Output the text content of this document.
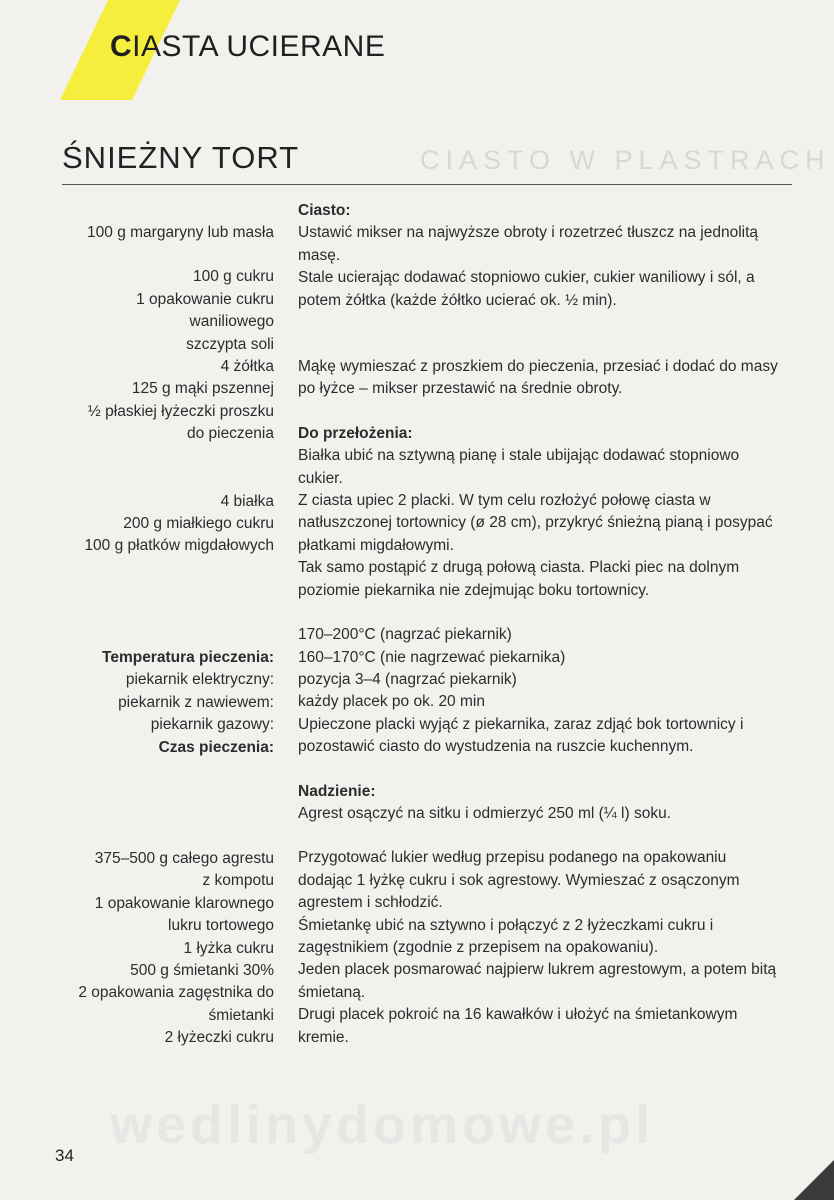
CIASTA UCIERANE
CIASTO W PLASTRACH
ŚNIEŻNY TORT
100 g margaryny lub masła
100 g cukru
1 opakowanie cukru
waniliowego
szczypta soli
4 żółtka
125 g mąki pszennej
½ płaskiej łyżeczki proszku
do pieczenia
4 białka
200 g miałkiego cukru
100 g płatków migdałowych
Temperatura pieczenia:
piekarnik elektryczny:
piekarnik z nawiewem:
piekarnik gazowy:
Czas pieczenia:
375–500 g całego agrestu
z kompotu
1 opakowanie klarownego
lukru tortowego
1 łyżka cukru
500 g śmietanki 30%
2 opakowania zagęstnika do
śmietanki
2 łyżeczki cukru
Ciasto:
Ustawić mikser na najwyższe obroty i rozetrzeć tłuszcz na jednolitą masę.
Stale ucierając dodawać stopniowo cukier, cukier waniliowy i sól, a potem żółtka (każde żółtko ucierać ok. ½ min).
Mąkę wymieszać z proszkiem do pieczenia, przesiać i dodać do masy po łyżce – mikser przestawić na średnie obroty.
Do przełożenia:
Białka ubić na sztywną pianę i stale ubijając dodawać stopniowo cukier.
Z ciasta upiec 2 placki. W tym celu rozłożyć połowę ciasta w natłuszczonej tortownicy (ø 28 cm), przykryć śnieżną pianą i posypać płatkami migdałowymi.
Tak samo postąpić z drugą połową ciasta. Placki piec na dolnym poziomie piekarnika nie zdejmując boku tortownicy.
170–200°C (nagrzać piekarnik)
160–170°C (nie nagrzewać piekarnika)
pozycja 3–4 (nagrzać piekarnik)
każdy placek po ok. 20 min
Upieczone placki wyjąć z piekarnika, zaraz zdjąć bok tortownicy i pozostawić ciasto do wystudzenia na ruszcie kuchennym.
Nadzienie:
Agrest osączyć na sitku i odmierzyć 250 ml (¼ l) soku.
Przygotować lukier według przepisu podanego na opakowaniu dodając 1 łyżkę cukru i sok agrestowy. Wymieszać z osączonym agrestem i schłodzić.
Śmietankę ubić na sztywno i połączyć z 2 łyżeczkami cukru i zagęstnikiem (zgodnie z przepisem na opakowaniu).
Jeden placek posmarować najpierw lukrem agrestowym, a potem bitą śmietaną.
Drugi placek pokroić na 16 kawałków i ułożyć na śmietankowym kremie.
wedlinydomowe.pl
34
